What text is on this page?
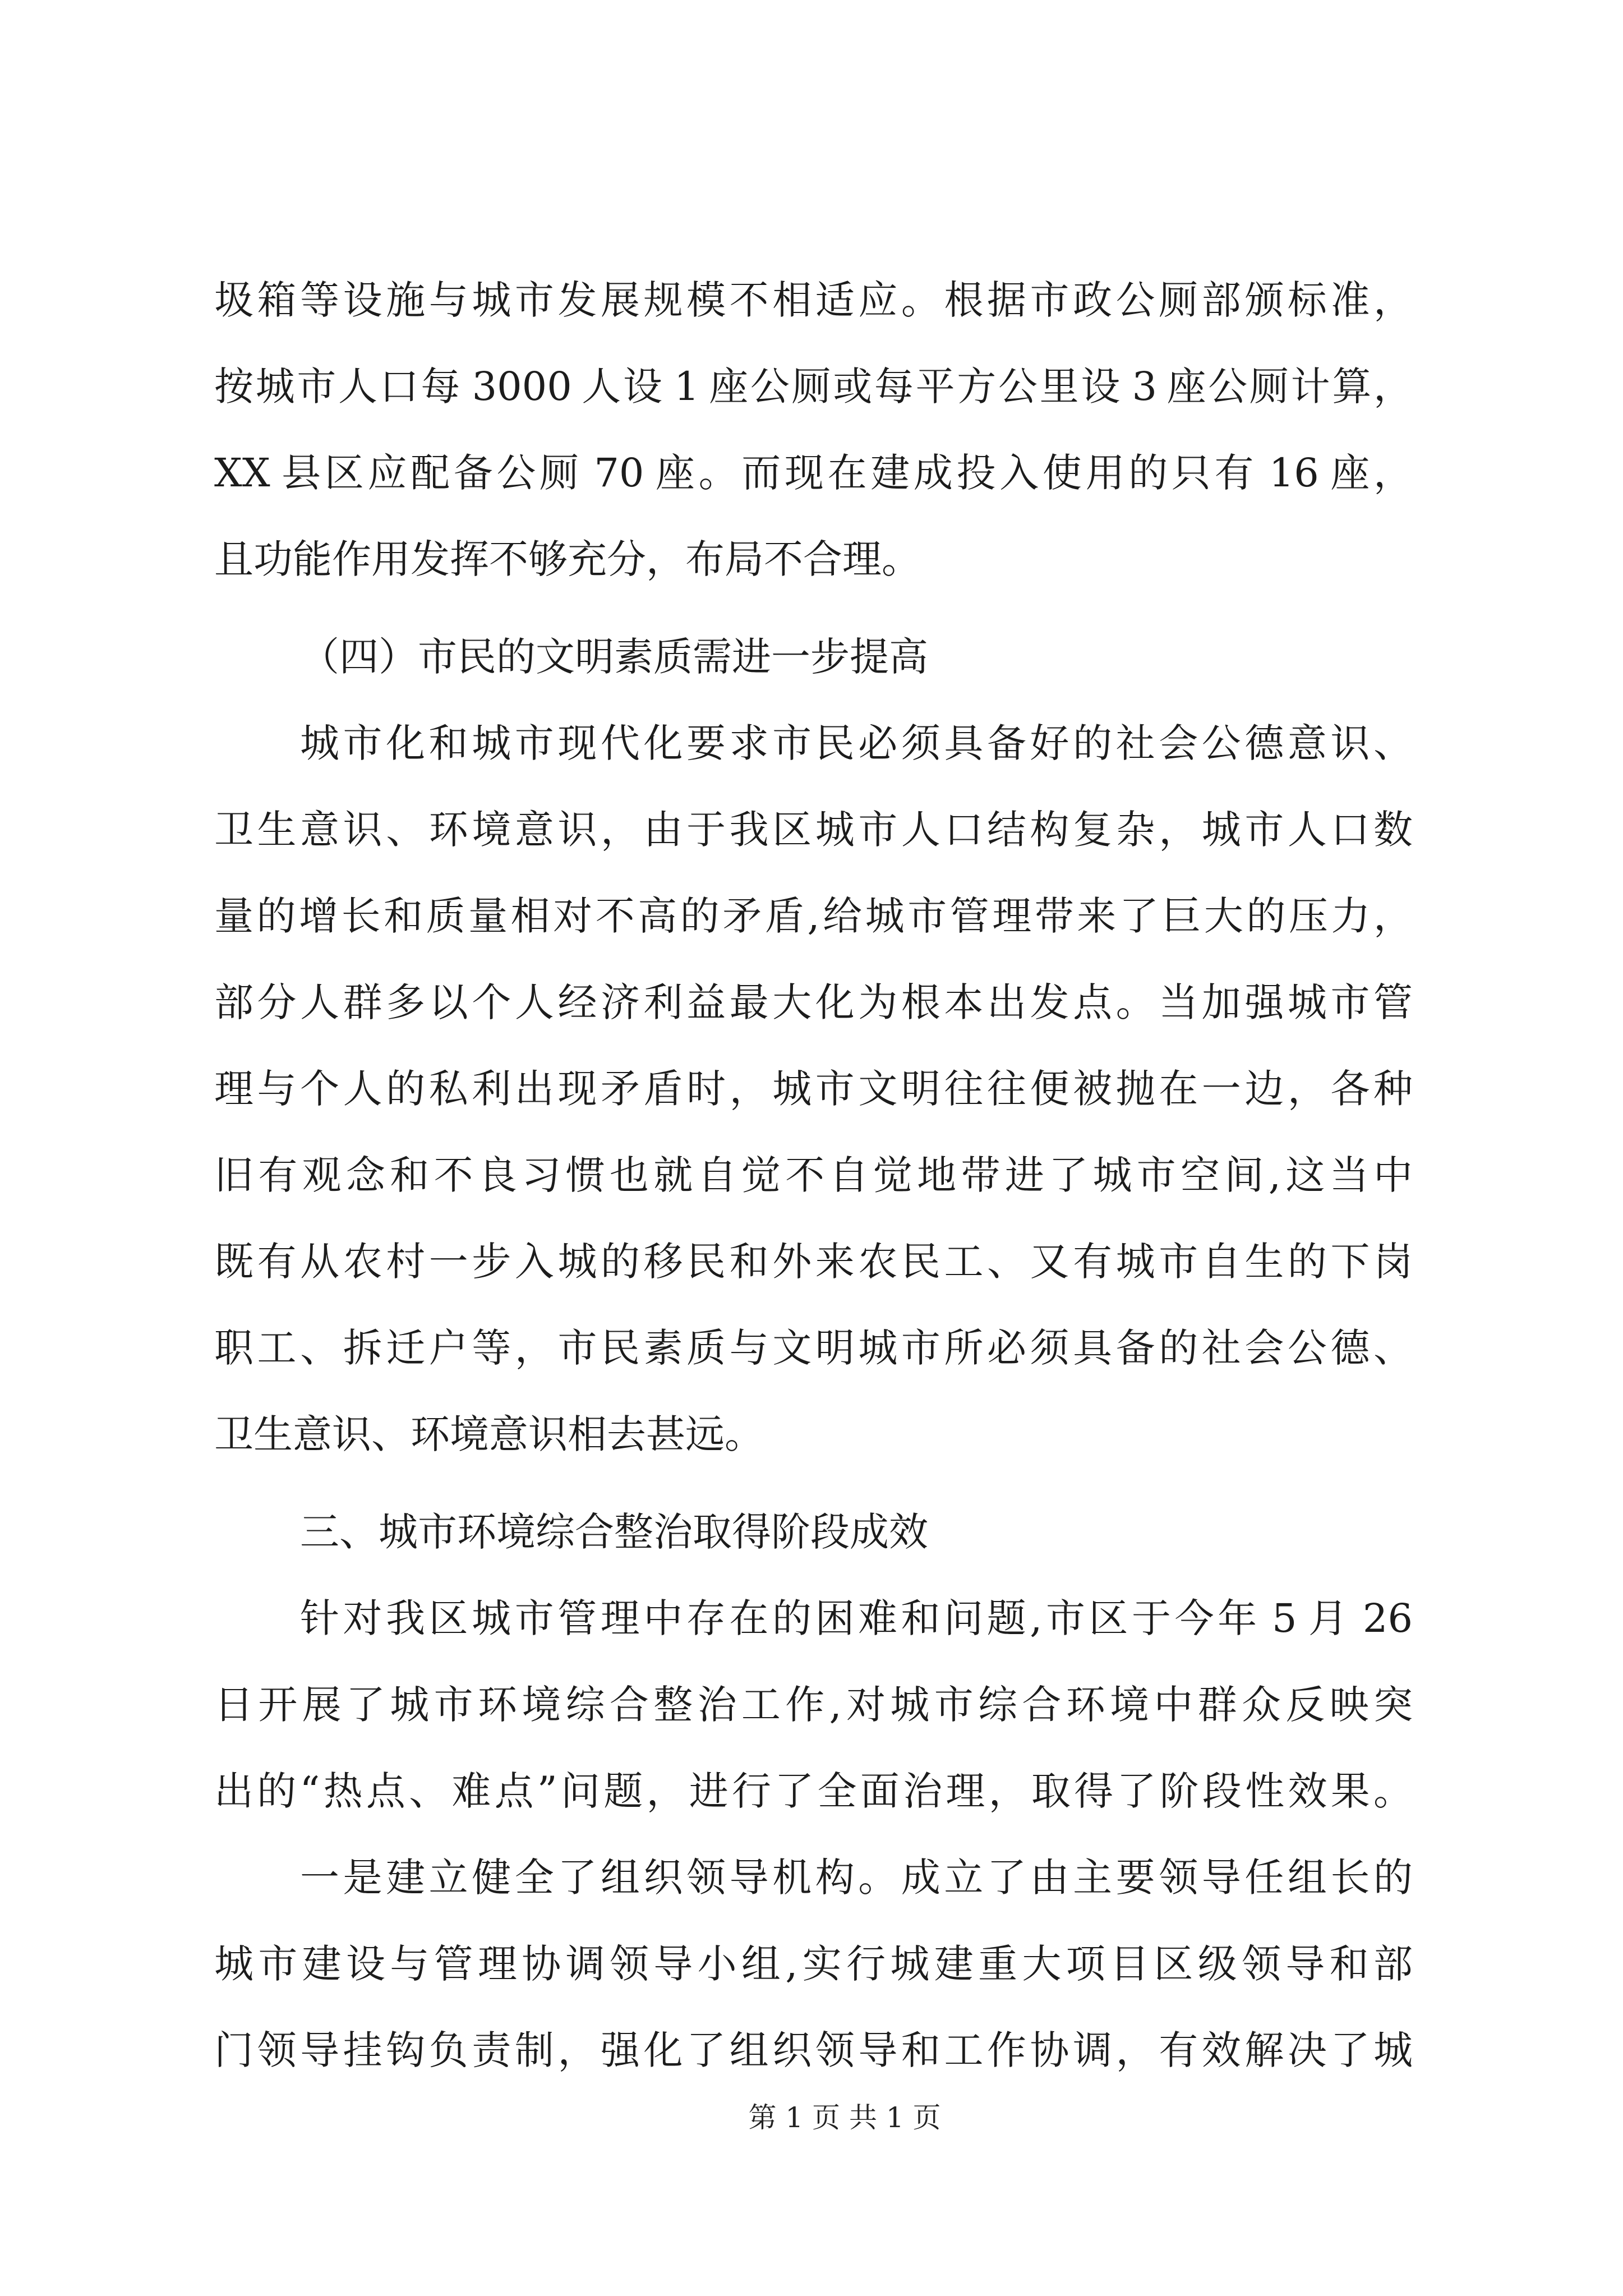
圾箱等设施与城市发展规模不相适应。根据市政公厕部颁标准，
按城市人口每 3000 人设 1 座公厕或每平方公里设 3 座公厕计算，
XX 县区应配备公厕 70 座。而现在建成投入使用的只有 16 座，
且功能作用发挥不够充分，布局不合理。
（四）市民的文明素质需进一步提高
城市化和城市现代化要求市民必须具备好的社会公德意识、
卫生意识、环境意识，由于我区城市人口结构复杂，城市人口数
量的增长和质量相对不高的矛盾,给城市管理带来了巨大的压力，
部分人群多以个人经济利益最大化为根本出发点。当加强城市管
理与个人的私利出现矛盾时，城市文明往往便被抛在一边，各种
旧有观念和不良习惯也就自觉不自觉地带进了城市空间,这当中
既有从农村一步入城的移民和外来农民工、又有城市自生的下岗
职工、拆迁户等，市民素质与文明城市所必须具备的社会公德、
卫生意识、环境意识相去甚远。
三、城市环境综合整治取得阶段成效
针对我区城市管理中存在的困难和问题,市区于今年 5 月 26
日开展了城市环境综合整治工作,对城市综合环境中群众反映突
出的“热点、难点”问题，进行了全面治理，取得了阶段性效果。
一是建立健全了组织领导机构。成立了由主要领导任组长的
城市建设与管理协调领导小组,实行城建重大项目区级领导和部
门领导挂钩负责制，强化了组织领导和工作协调，有效解决了城
第 1 页 共 1 页
